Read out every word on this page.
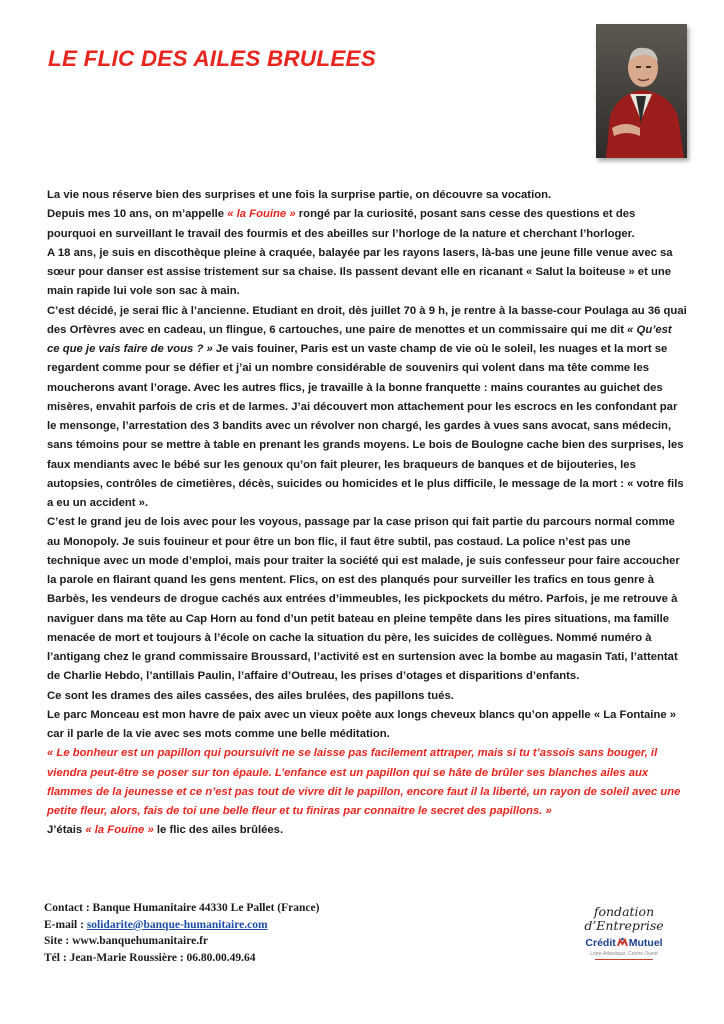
LE FLIC DES AILES BRULEES

La vie nous réserve bien des surprises et une fois la surprise partie, on découvre sa vocation.

Depuis mes 10 ans, on m’appelle « la Fouine » rongé par la curiosité, posant sans cesse des questions et des pourquoi en surveillant le travail des fourmis et des abeilles sur l’horloge de la nature et cherchant l’horloger.

A 18 ans, je suis en discothèque pleine à craquée, balayée par les rayons lasers, là-bas une jeune fille venue avec sa sœur pour danser est assise tristement sur sa chaise. Ils passent devant elle en ricanant « Salut la boiteuse » et une main rapide lui vole son sac à main.

C’est décidé, je serai flic à l’ancienne. Etudiant en droit, dès juillet 70 à 9 h, je rentre à la basse-cour Poulaga au 36 quai des Orfèvres avec en cadeau, un flingue, 6 cartouches, une paire de menottes et un commissaire qui me dit « Qu’est ce que je vais faire de vous ? » Je vais fouiner, Paris est un vaste champ de vie où le soleil, les nuages et la mort se regardent comme pour se défier et j’ai un nombre considérable de souvenirs qui volent dans ma tête comme les moucherons avant l’orage. Avec les autres flics, je travaille à la bonne franquette : mains courantes au guichet des misères, envahit parfois de cris et de larmes. J’ai découvert mon attachement pour les escrocs en les confondant par le mensonge, l’arrestation des 3 bandits avec un révolver non chargé, les gardes à vues sans avocat, sans médecin, sans témoins pour se mettre à table en prenant les grands moyens. Le bois de Boulogne cache bien des surprises, les faux mendiants avec le bébé sur les genoux qu’on fait pleurer, les braqueurs de banques et de bijouteries, les autopsies, contrôles de cimetières, décès, suicides ou homicides et le plus difficile, le message de la mort : « votre fils a eu un accident ».

C’est le grand jeu de lois avec pour les voyous, passage par la case prison qui fait partie du parcours normal comme au Monopoly. Je suis fouineur et pour être un bon flic, il faut être subtil, pas costaud. La police n’est pas une technique avec un mode d’emploi, mais pour traiter la société qui est malade, je suis confesseur pour faire accoucher la parole en flairant quand les gens mentent. Flics, on est des planqués pour surveiller les trafics en tous genre à Barbès, les vendeurs de drogue cachés aux entrées d’immeubles, les pickpockets du métro. Parfois, je me retrouve à naviguer dans ma tête au Cap Horn au fond d’un petit bateau en pleine tempête dans les pires situations, ma famille menacée de mort et toujours à l’école on cache la situation du père, les suicides de collègues. Nommé numéro à l’antigang chez le grand commissaire Broussard, l’activité est en surtension avec la bombe au magasin Tati, l’attentat de Charlie Hebdo, l’antillais Paulin, l’affaire d’Outreau, les prises d’otages et disparitions d’enfants.

Ce sont les drames des ailes cassées, des ailes brulées, des papillons tués.

Le parc Monceau est mon havre de paix avec un vieux poète aux longs cheveux blancs qu’on appelle « La Fontaine » car il parle de la vie avec ses mots comme une belle méditation.

« Le bonheur est un papillon qui poursuivit ne se laisse pas facilement attraper, mais si tu t’assois sans bouger, il viendra peut-être se poser sur ton épaule. L’enfance est un papillon qui se hâte de brûler ses blanches ailes aux flammes de la jeunesse et ce n’est pas tout de vivre dit le papillon, encore faut il la liberté, un rayon de soleil avec une petite fleur, alors, fais de toi une belle fleur et tu finiras par connaitre le secret des papillons. »

J’étais « la Fouine » le flic des ailes brûlées.

Contact : Banque Humanitaire 44330 Le Pallet (France)

E-mail : solidarite@banque-humanitaire.com

Site : www.banquehumanitaire.fr

Tél : Jean-Marie Roussière : 06.80.00.49.64

fondation
d’Entreprise
Crédit Mutuel
Loire-Atlantique, Centre Ouest
